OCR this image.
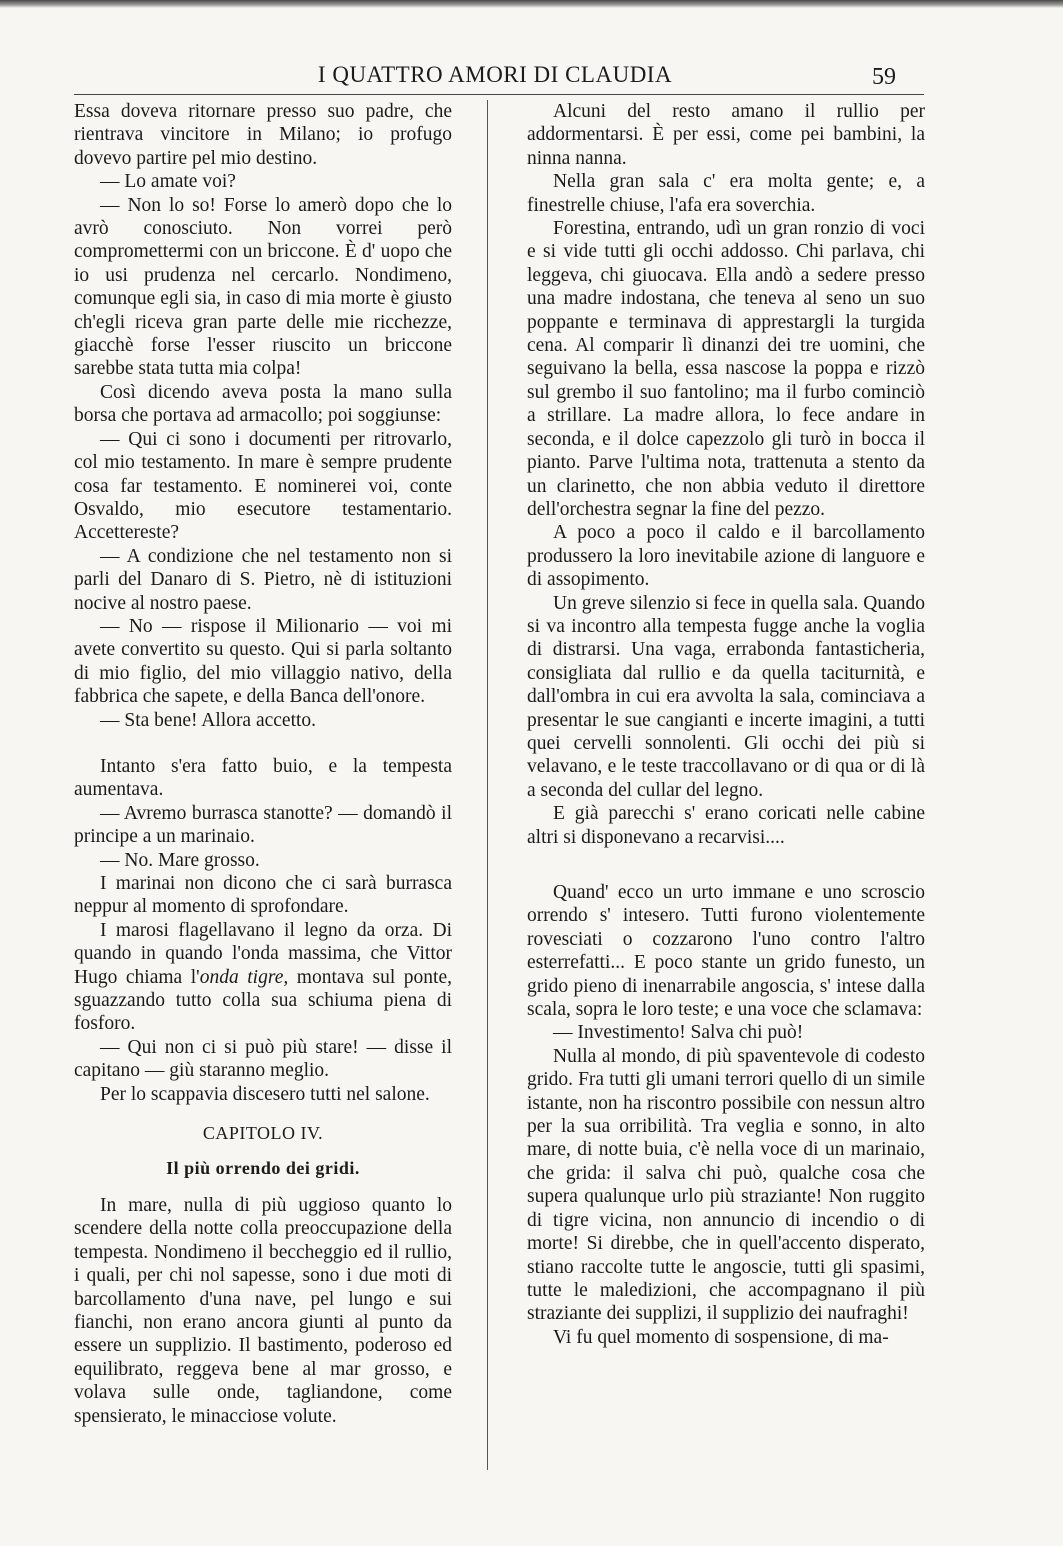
I QUATTRO AMORI DI CLAUDIA	59

Essa doveva ritornare presso suo padre, che rientrava vincitore in Milano; io profugo dovevo partire pel mio destino.

— Lo amate voi?

— Non lo so! Forse lo amerò dopo che lo avrò conosciuto. Non vorrei però compromettermi con un briccone. È d' uopo che io usi prudenza nel cercarlo. Nondimeno, comunque egli sia, in caso di mia morte è giusto ch'egli riceva gran parte delle mie ricchezze, giacchè forse l'esser riuscito un briccone sarebbe stata tutta mia colpa!

Così dicendo aveva posta la mano sulla borsa che portava ad armacollo; poi soggiunse:

— Qui ci sono i documenti per ritrovarlo, col mio testamento. In mare è sempre prudente cosa far testamento. E nominerei voi, conte Osvaldo, mio esecutore testamentario. Accettereste?

— A condizione che nel testamento non si parli del Danaro di S. Pietro, nè di istituzioni nocive al nostro paese.

— No — rispose il Milionario — voi mi avete convertito su questo. Qui si parla soltanto di mio figlio, del mio villaggio nativo, della fabbrica che sapete, e della Banca dell'onore.

— Sta bene! Allora accetto.

Intanto s'era fatto buio, e la tempesta aumentava.

— Avremo burrasca stanotte? — domandò il principe a un marinaio.

— No. Mare grosso.

I marinai non dicono che ci sarà burrasca neppur al momento di sprofondare.

I marosi flagellavano il legno da orza. Di quando in quando l'onda massima, che Vittor Hugo chiama l'onda tigre, montava sul ponte, sguazzando tutto colla sua schiuma piena di fosforo.

— Qui non ci si può più stare! — disse il capitano — giù staranno meglio.

Per lo scappavia discesero tutti nel salone.

CAPITOLO IV.

Il più orrendo dei gridi.

In mare, nulla di più uggioso quanto lo scendere della notte colla preoccupazione della tempesta. Nondimeno il beccheggio ed il rullio, i quali, per chi nol sapesse, sono i due moti di barcollamento d'una nave, pel lungo e sui fianchi, non erano ancora giunti al punto da essere un supplizio. Il bastimento, poderoso ed equilibrato, reggeva bene al mar grosso, e volava sulle onde, tagliandone, come spensierato, le minacciose volute.

Alcuni del resto amano il rullio per addormentarsi. È per essi, come pei bambini, la ninna nanna.

Nella gran sala c' era molta gente; e, a finestrelle chiuse, l'afa era soverchia.

Forestina, entrando, udì un gran ronzio di voci e si vide tutti gli occhi addosso. Chi parlava, chi leggeva, chi giuocava. Ella andò a sedere presso una madre indostana, che teneva al seno un suo poppante e terminava di apprestargli la turgida cena. Al comparir lì dinanzi dei tre uomini, che seguivano la bella, essa nascose la poppa e rizzò sul grembo il suo fantolino; ma il furbo cominciò a strillare. La madre allora, lo fece andare in seconda, e il dolce capezzolo gli turò in bocca il pianto. Parve l'ultima nota, trattenuta a stento da un clarinetto, che non abbia veduto il direttore dell'orchestra segnar la fine del pezzo.

A poco a poco il caldo e il barcollamento produssero la loro inevitabile azione di languore e di assopimento.

Un greve silenzio si fece in quella sala. Quando si va incontro alla tempesta fugge anche la voglia di distrarsi. Una vaga, errabonda fantasticheria, consigliata dal rullio e da quella taciturnità, e dall'ombra in cui era avvolta la sala, cominciava a presentar le sue cangianti e incerte imagini, a tutti quei cervelli sonnolenti. Gli occhi dei più si velavano, e le teste traccollavano or di qua or di là a seconda del cullar del legno.

E già parecchi s' erano coricati nelle cabine altri si disponevano a recarvisi....

Quand' ecco un urto immane e uno scroscio orrendo s' intesero. Tutti furono violentemente rovesciati o cozzarono l'uno contro l'altro esterrefatti... E poco stante un grido funesto, un grido pieno di inenarrabile angoscia, s' intese dalla scala, sopra le loro teste; e una voce che sclamava:

— Investimento! Salva chi può!

Nulla al mondo, di più spaventevole di codesto grido. Fra tutti gli umani terrori quello di un simile istante, non ha riscontro possibile con nessun altro per la sua orribilità. Tra veglia e sonno, in alto mare, di notte buia, c'è nella voce di un marinaio, che grida: il salva chi può, qualche cosa che supera qualunque urlo più straziante! Non ruggito di tigre vicina, non annuncio di incendio o di morte! Si direbbe, che in quell'accento disperato, stiano raccolte tutte le angoscie, tutti gli spasimi, tutte le maledizioni, che accompagnano il più straziante dei supplizi, il supplizio dei naufraghi!

Vi fu quel momento di sospensione, di ma-
